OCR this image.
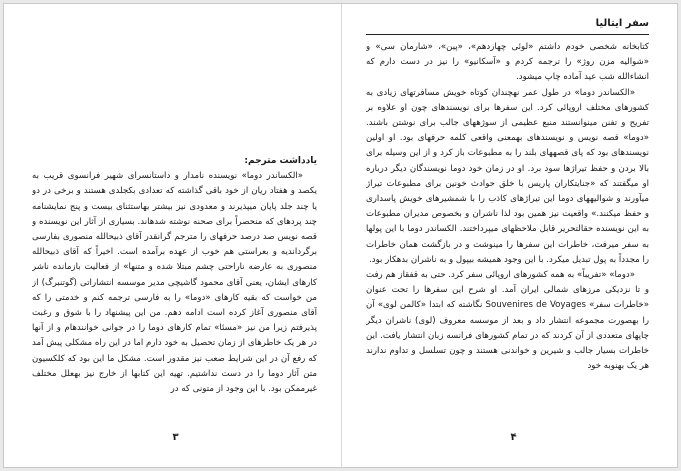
یادداشت مترجم:

«الکساندر دوما» نویسنده نامدار و داستانسرای شهیر فرانسوی قریب به یکصد و هفتاد ریان از خود باقی گذاشته که تعدادی بکجلدی هستند و برخی در دو یا چند جلد پایان میپذیرند و معدودی نیز بیشتر بهاستثنای بیست و پنج نمایشنامه چند پردهای که منحصراً برای صحنه نوشته شدهاند. بسیاری از آثار این نویسنده و قصه نویس صد درصد حرفهای را مترجم گرانقدر آقای ذبیحالله منصوری بفارسی برگرداندیه و بعراستی هم خوب از عهده برآمده است. اخیراً که آقای ذبیحالله منصوری به عارضه ناراحتی چشم مبتلا شده و متنها» از فعالیت بازمانده ناشر کارهای ایشان، یعنی آقای محمود گاشیچی مدیر موسسه انتشاراتی (گوتنبرگ) از من خواست که بقیه کارهای «دوما» را به فارسی ترجمه کنم و خدمتی را که آقای منصوری آغاز کرده است ادامه دهم. من این پیشنهاد را با شوق و رغبت پذیرفتم زیرا من نیز «مسئا» تمام کارهای دوما را در جوانی خوانندهام و از آنها در هر یک خاطرهای از زمان تحصیل به خود دارم اما در این راه مشکلی پیش آمد که رفع آن در این شرایط صعب نیز مقدور است. مشکل ما این بود که کلکسیون متن آثار دوما را در دست نداشتیم. تهیه این کتابها از خارج نیز بهعلل مختلف غیرممکن بود. با این وجود از متونی که در

۳
سفر ایتالیا

کتابخانه شخصی خودم داشتم «لوئی چهاردهم»، «پین»، «شارمان سی» و «شوالیه مزن روژ» را ترجمه کردم و «آسکانیو» را نیز در دست دارم که انشاءالله شب عید آماده چاپ میشود.

«الکساندر دوما» در طول عمر نهچندان کوتاه خویش مسافرتهای زیادی به کشورهای مختلف اروپائی کرد. این سفرها برای نویسندهای چون او علاوه بر تفریح و تفنن مینوانستند منبع عظیمی از سوژههای جالب برای نوشتن باشند. «دوما» قصه نویس و نویسندهای بهمعنی واقعی کلمه حرفهای بود. او اولین نویسندهای بود که پای قصههای بلند را به مطبوعات باز کرد و از این وسیله برای بالا بردن و حفظ تیراژها سود برد. او در زمان خود دوما نویسندگان دیگر درباره او میگفتند که «جنایتکاران پاریس با خلق حوادث خونین برای مطبوعات تیراژ میآورند و شوالیههای دوما این تیراژهای کاذب را با شمشیرهای خویش پاسداری و حفظ میکنند.» واقعیت نیز همین بود لذا ناشران و بخصوص مدیران مطبوعات به این نویسنده حقالتحریر قابل ملاحظهای میپرداختند. الکساندر دوما با این پولها به سفر میرفت، خاطرات این سفرها را مینوشت و در بازگشت همان خاطرات را مجدداً به پول تبدیل میکرد. با این وجود همیشه بیپول و به ناشران بدهکار بود.

«دوما» «تفریباً» به همه کشورهای اروپائی سفر کرد. حتی به قفقاز هم رفت و تا نزدیکی مرزهای شمالی ایران آمد. او شرح این سفرها را تحت عنوان «خاطرات سفر» Souvenires de Voyages نگاشته که ابتدا «کالمن لوی» آن را بهصورت مجموعه انتشار داد و بعد از موسسه معروف (لوی) ناشران دیگر چاپهای متعددی از آن کردند که در تمام کشورهای فرانسه زبان انتشار یافت. این خاطرات بسیار جالب و شیرین و خواندنی هستند و چون تسلسل و تداوم ندارند هر یک بهنوبه خود

۴
